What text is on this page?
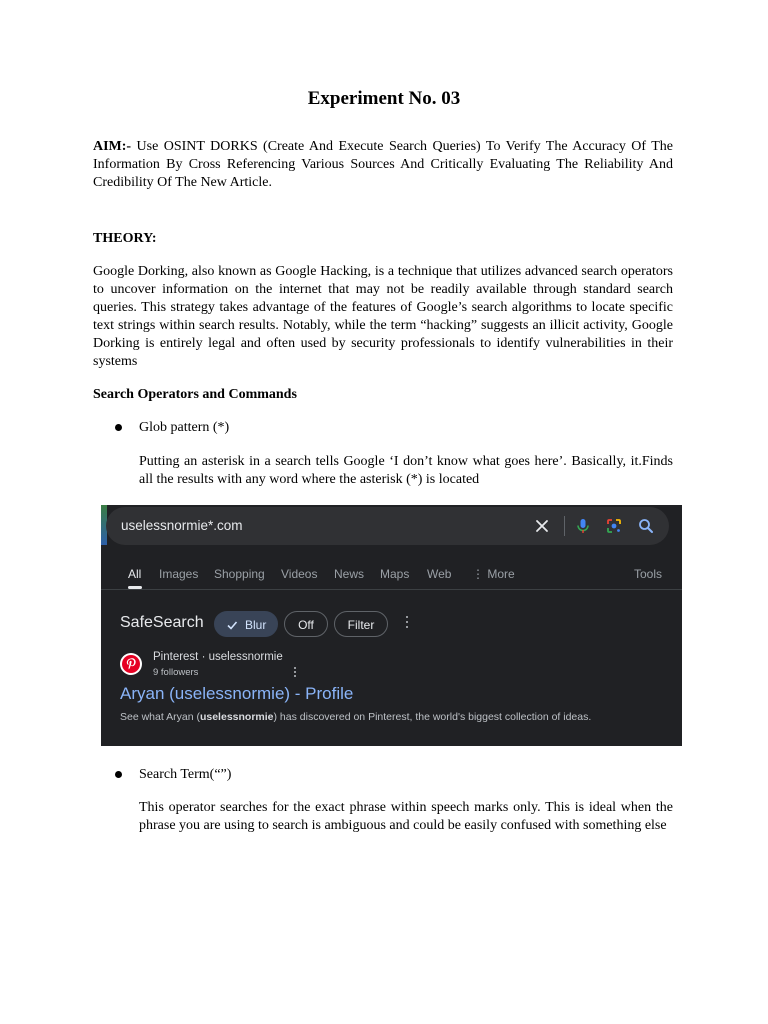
Experiment No. 03

AIM:- Use OSINT DORKS (Create And Execute Search Queries) To Verify The Accuracy Of The Information By Cross Referencing Various Sources And Critically Evaluating The Reliability And Credibility Of The New Article.

THEORY:

Google Dorking, also known as Google Hacking, is a technique that utilizes advanced search operators to uncover information on the internet that may not be readily available through standard search queries. This strategy takes advantage of the features of Google’s search algorithms to locate specific text strings within search results. Notably, while the term “hacking” suggests an illicit activity, Google Dorking is entirely legal and often used by security professionals to identify vulnerabilities in their systems

Search Operators and Commands

Glob pattern (*)

Putting an asterisk in a search tells Google ‘I don’t know what goes here’. Basically, it.Finds all the results with any word where the asterisk (*) is located

uselessnormie*.com
All Images Shopping Videos News Maps Web ⋮ More	Tools
SafeSearch	Blur	Off	Filter
Pinterest · uselessnormie
9 followers
Aryan (uselessnormie) - Profile
See what Aryan (uselessnormie) has discovered on Pinterest, the world's biggest collection of ideas.
Search Term(“”)

This operator searches for the exact phrase within speech marks only. This is ideal when the phrase you are using to search is ambiguous and could be easily confused with something else
